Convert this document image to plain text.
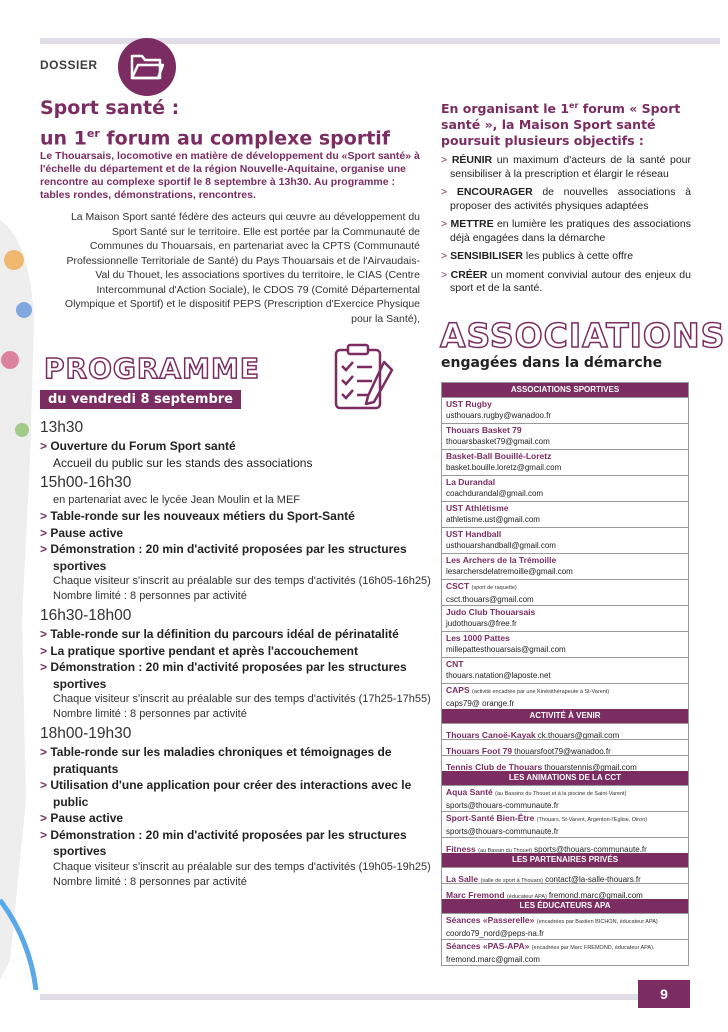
DOSSIER
Sport santé :
un 1er forum au complexe sportif
Le Thouarsais, locomotive en matière de développement du «Sport santé» à l'échelle du département et de la région Nouvelle-Aquitaine, organise une rencontre au complexe sportif le 8 septembre à 13h30. Au programme : tables rondes, démonstrations, rencontres.
La Maison Sport santé fédère des acteurs qui œuvre au développement du Sport Santé sur le territoire. Elle est portée par la Communauté de Communes du Thouarsais, en partenariat avec la CPTS (Communauté Professionnelle Territoriale de Santé) du Pays Thouarsais et de l'Airvaudais-Val du Thouet, les associations sportives du territoire, le CIAS (Centre Intercommunal d'Action Sociale), le CDOS 79 (Comité Départemental Olympique et Sportif) et le dispositif PEPS (Prescription d'Exercice Physique pour la Santé),
PROGRAMME
du vendredi 8 septembre
13h30
> Ouverture du Forum Sport santé
Accueil du public sur les stands des associations
15h00-16h30
en partenariat avec le lycée Jean Moulin et la MEF
> Table-ronde sur les nouveaux métiers du Sport-Santé
> Pause active
> Démonstration : 20 min d'activité proposées par les structures sportives
Chaque visiteur s'inscrit au préalable sur des temps d'activités (16h05-16h25)
Nombre limité : 8 personnes par activité
16h30-18h00
> Table-ronde sur la définition du parcours idéal de périnatalité
> La pratique sportive pendant et après l'accouchement
> Démonstration : 20 min d'activité proposées par les structures sportives
Chaque visiteur s'inscrit au préalable sur des temps d'activités (17h25-17h55)
Nombre limité : 8 personnes par activité
18h00-19h30
> Table-ronde sur les maladies chroniques et témoignages de pratiquants
> Utilisation d'une application pour créer des interactions avec le public
> Pause active
> Démonstration : 20 min d'activité proposées par les structures sportives
Chaque visiteur s'inscrit au préalable sur des temps d'activités (19h05-19h25)
Nombre limité : 8 personnes par activité
En organisant le 1er forum « Sport santé », la Maison Sport santé poursuit plusieurs objectifs :
> RÉUNIR un maximum d'acteurs de la santé pour sensibiliser à la prescription et élargir le réseau
> ENCOURAGER de nouvelles associations à proposer des activités physiques adaptées
> METTRE en lumière les pratiques des associations déjà engagées dans la démarche
> SENSIBILISER les publics à cette offre
> CRÉER un moment convivial autour des enjeux du sport et de la santé.
ASSOCIATIONS
engagées dans la démarche
ASSOCIATIONS SPORTIVES
UST Rugby
usthouars.rugby@wanadoo.fr
Thouars Basket 79
thouarsbasket79@gmail.com
Basket-Ball Bouillé-Loretz
basket.bouille.loretz@gmail.com
La Durandal
coachdurandal@gmail.com
UST Athlétisme
athletisme.ust@gmail.com
UST Handball
usthouarshandball@gmail.com
Les Archers de la Trémoille
lesarchersdelatremoille@gmail.com
CSCT (sport de raquette)
csct.thouars@gmail.com
Judo Club Thouarsais
judothouars@free.fr
Les 1000 Pattes
millepattesthouarsais@gmail.com
CNT
thouars.natation@laposte.net
CAPS (activité encadrée par une Kinésithérapeute à St-Varent)
caps79@ orange.fr
ACTIVITÉ À VENIR
Thouars Canoë-Kayak ck.thouars@gmail.com
Thouars Foot 79 thouarsfoot79@wanadoo.fr
Tennis Club de Thouars thouarstennis@gmail.com
LES ANIMATIONS DE LA CCT
Aqua Santé (au Bassins du Thouet et à la piscine de Saint-Varent)
sports@thouars-communaute.fr
Sport-Santé Bien-Être (Thouars, St-Varent, Argenton-l'Eglise, Oiron)
sports@thouars-communaute.fr
Fitness (au Bassin du Thouet) sports@thouars-communaute.fr
LES PARTENAIRES PRIVÉS
La Salle (salle de sport à Thouars) contact@la-salle-thouars.fr
Marc Fremond (éducateur APA) fremond.marc@gmail.com
LES ÉDUCATEURS APA
Séances «Passerelle» (encadrées par Bastien BICHON, éducateur APA)
coordo79_nord@peps-na.fr
Séances «PAS-APA» (encadrées par Marc FREMOND, éducateur APA).
fremond.marc@gmail.com
9
